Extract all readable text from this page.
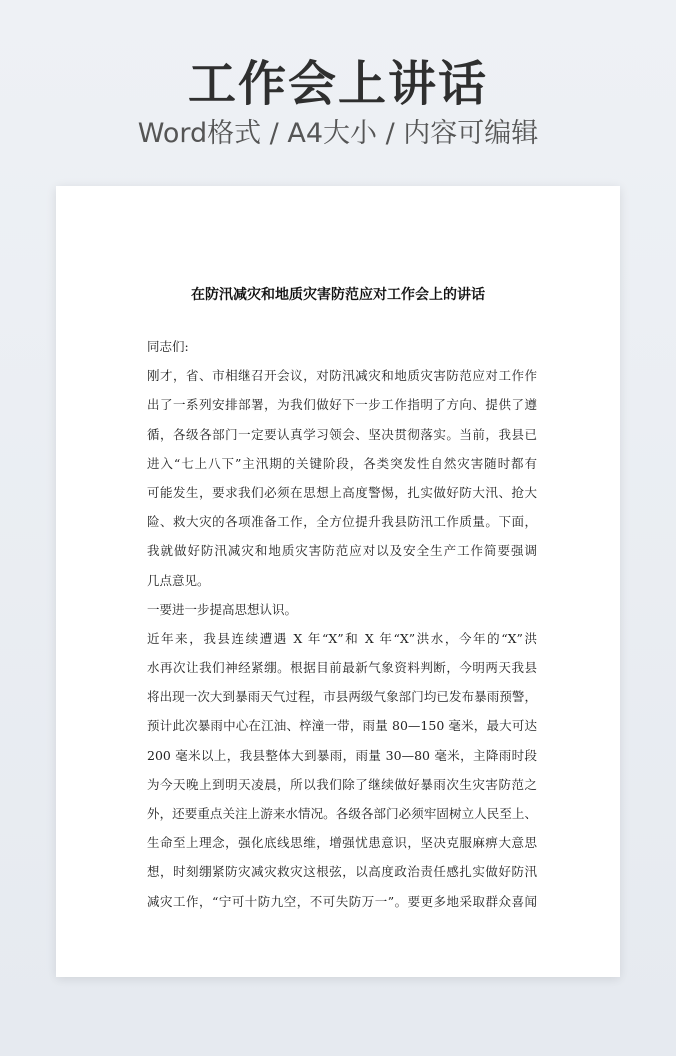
工作会上讲话
Word格式 / A4大小 / 内容可编辑
在防汛减灾和地质灾害防范应对工作会上的讲话
同志们:
刚才，省、市相继召开会议，对防汛减灾和地质灾害防范应对工作作
出了一系列安排部署，为我们做好下一步工作指明了方向、提供了遵
循，各级各部门一定要认真学习领会、坚决贯彻落实。当前，我县已
进入“七上八下”主汛期的关键阶段，各类突发性自然灾害随时都有
可能发生，要求我们必须在思想上高度警惕，扎实做好防大汛、抢大
险、救大灾的各项准备工作，全方位提升我县防汛工作质量。下面，
我就做好防汛减灾和地质灾害防范应对以及安全生产工作简要强调
几点意见。
一要进一步提高思想认识。
近年来，我县连续遭遇 X 年“X”和 X 年“X”洪水，今年的“X”洪
水再次让我们神经紧绷。根据目前最新气象资料判断，今明两天我县
将出现一次大到暴雨天气过程，市县两级气象部门均已发布暴雨预警，
预计此次暴雨中心在江油、梓潼一带，雨量 80—150 毫米，最大可达
200 毫米以上，我县整体大到暴雨，雨量 30—80 毫米，主降雨时段
为今天晚上到明天凌晨，所以我们除了继续做好暴雨次生灾害防范之
外，还要重点关注上游来水情况。各级各部门必须牢固树立人民至上、
生命至上理念，强化底线思维，增强忧患意识，坚决克服麻痹大意思
想，时刻绷紧防灾减灾救灾这根弦，以高度政治责任感扎实做好防汛
减灾工作，“宁可十防九空，不可失防万一”。要更多地采取群众喜闻
